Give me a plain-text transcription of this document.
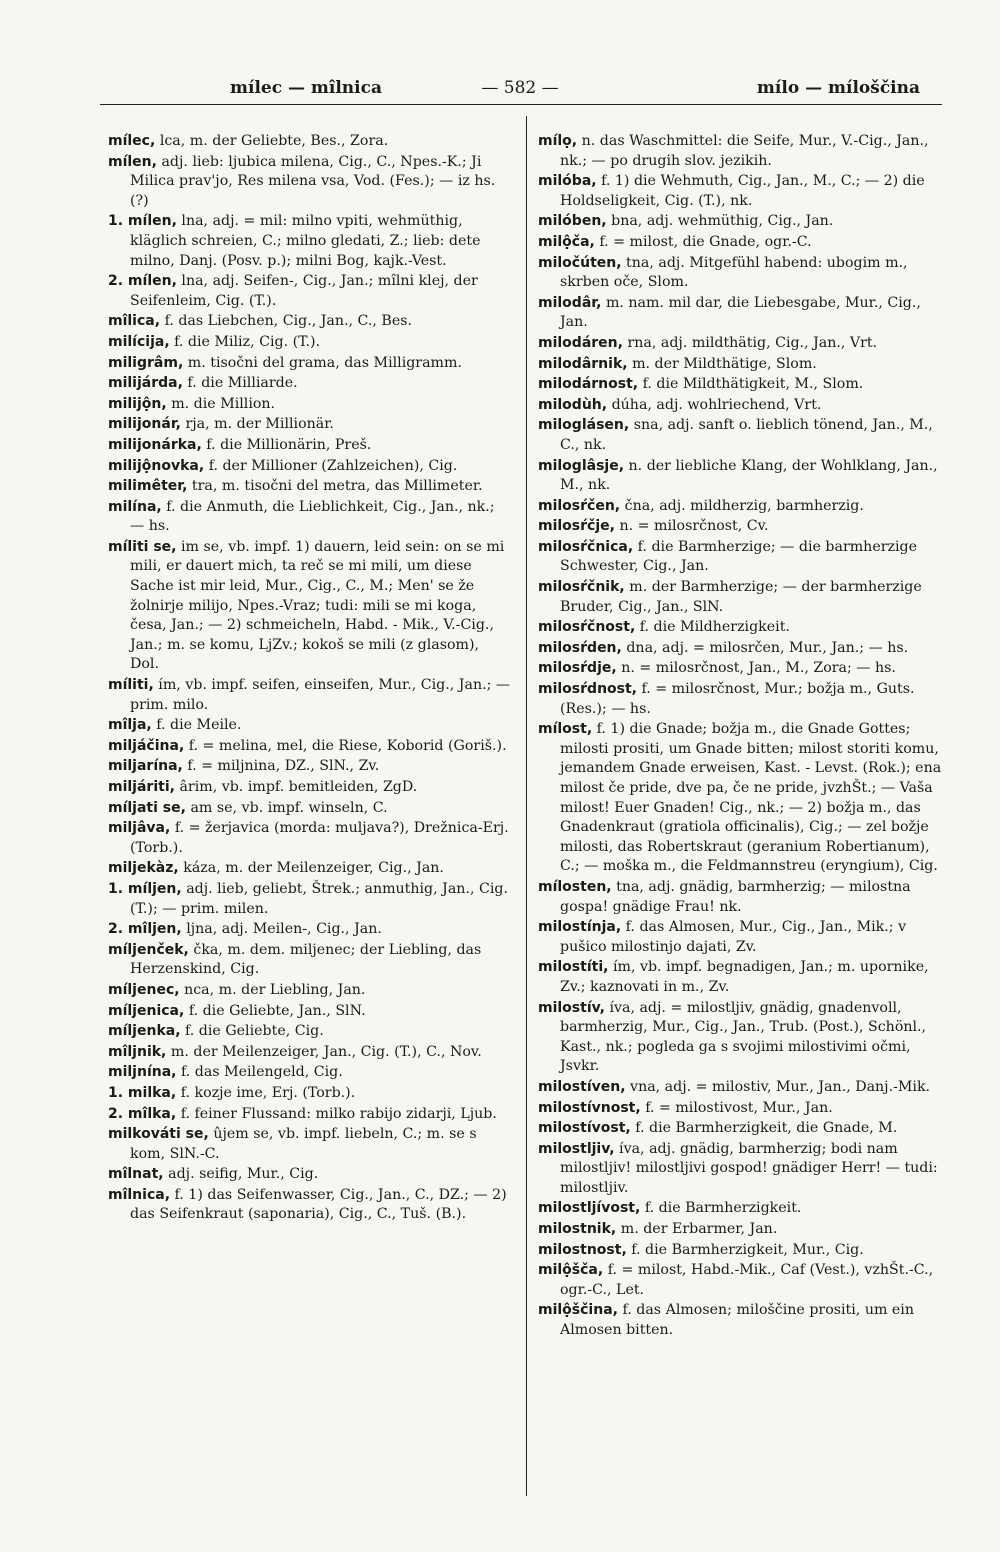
mílec — mîlnica	— 582 —	mílo — míloščina
mílec, lca, m. der Geliebte, Bes., Zora.
mílen, adj. lieb: ljubica milena, Cig., C., Npes.-K.; Ji Milica prav'jo, Res milena vsa, Vod. (Fes.); — iz hs. (?)
1. mílen, lna, adj. = mil: milno vpiti, wehmüthig, kläglich schreien, C.; milno gledati, Z.; lieb: dete milno, Danj. (Posv. p.); milni Bog, kajk.-Vest.
2. mílen, lna, adj. Seifen-, Cig., Jan.; mîlni klej, der Seifenleim, Cig. (T.).
mîlica, f. das Liebchen, Cig., Jan., C., Bes.
milícija, f. die Miliz, Cig. (T.).
miligrâm, m. tisočni del grama, das Milligramm.
milijárda, f. die Milliarde.
milijộn, m. die Million.
milijonár, rja, m. der Millionär.
milijonárka, f. die Millionärin, Preš.
milijộnovka, f. der Millioner (Zahlzeichen), Cig.
milimêter, tra, m. tisočni del metra, das Millimeter.
milína, f. die Anmuth, die Lieblichkeit, Cig., Jan., nk.; — hs.
míliti se, im se, vb. impf. 1) dauern, leid sein: on se mi mili, er dauert mich, ta reč se mi mili, um diese Sache ist mir leid, Mur., Cig., C., M.; Men' se že žolnirje milijo, Npes.-Vraz; tudi: mili se mi koga, česa, Jan.; — 2) schmeicheln, Habd. - Mik., V.-Cig., Jan.; m. se komu, LjZv.; kokoš se mili (z glasom), Dol.
míliti, ím, vb. impf. seifen, einseifen, Mur., Cig., Jan.; — prim. milo.
mîlja, f. die Meile.
miljáčina, f. = melina, mel, die Riese, Koborid (Goriš.).
miljarína, f. = miljnina, DZ., SlN., Zv.
miljáriti, ârim, vb. impf. bemitleiden, ZgD.
míljati se, am se, vb. impf. winseln, C.
miljâva, f. = žerjavica (morda: muljava?), Drežnica-Erj. (Torb.).
miljekàz, káza, m. der Meilenzeiger, Cig., Jan.
1. míljen, adj. lieb, geliebt, Štrek.; anmuthig, Jan., Cig. (T.); — prim. milen.
2. mîljen, ljna, adj. Meilen-, Cig., Jan.
míljenček, čka, m. dem. miljenec; der Liebling, das Herzenskind, Cig.
míljenec, nca, m. der Liebling, Jan.
míljenica, f. die Geliebte, Jan., SlN.
míljenka, f. die Geliebte, Cig.
mîljnik, m. der Meilenzeiger, Jan., Cig. (T.), C., Nov.
miljnína, f. das Meilengeld, Cig.
1. milka, f. kozje ime, Erj. (Torb.).
2. mîlka, f. feiner Flussand: milko rabijo zidarji, Ljub.
milkováti se, ûjem se, vb. impf. liebeln, C.; m. se s kom, SlN.-C.
mîlnat, adj. seifig, Mur., Cig.
mîlnica, f. 1) das Seifenwasser, Cig., Jan., C., DZ.; — 2) das Seifenkraut (saponaria), Cig., C., Tuš. (B.).
mílọ, n. das Waschmittel: die Seife, Mur., V.-Cig., Jan., nk.; — po drugih slov. jezikih.
milóba, f. 1) die Wehmuth, Cig., Jan., M., C.; — 2) die Holdseligkeit, Cig. (T.), nk.
milóben, bna, adj. wehmüthig, Cig., Jan.
milộča, f. = milost, die Gnade, ogr.-C.
miločúten, tna, adj. Mitgefühl habend: ubogim m., skrben oče, Slom.
milodâr, m. nam. mil dar, die Liebesgabe, Mur., Cig., Jan.
milodáren, rna, adj. mildthätig, Cig., Jan., Vrt.
milodârnik, m. der Mildthätige, Slom.
milodárnost, f. die Mildthätigkeit, M., Slom.
milodùh, dúha, adj. wohlriechend, Vrt.
miloglásen, sna, adj. sanft o. lieblich tönend, Jan., M., C., nk.
miloglâsje, n. der liebliche Klang, der Wohlklang, Jan., M., nk.
milosŕčen, čna, adj. mildherzig, barmherzig.
milosŕčje, n. = milosrčnost, Cv.
milosŕčnica, f. die Barmherzige; — die barmherzige Schwester, Cig., Jan.
milosŕčnik, m. der Barmherzige; — der barmherzige Bruder, Cig., Jan., SlN.
milosŕčnost, f. die Mildherzigkeit.
milosŕden, dna, adj. = milosrčen, Mur., Jan.; — hs.
milosŕdje, n. = milosrčnost, Jan., M., Zora; — hs.
milosŕdnost, f. = milosrčnost, Mur.; božja m., Guts. (Res.); — hs.
mílost, f. 1) die Gnade; božja m., die Gnade Gottes; milosti prositi, um Gnade bitten; milost storiti komu, jemandem Gnade erweisen, Kast. - Levst. (Rok.); ena milost če pride, dve pa, če ne pride, jvzhŠt.; — Vaša milost! Euer Gnaden! Cig., nk.; — 2) božja m., das Gnadenkraut (gratiola officinalis), Cig.; — zel božje milosti, das Robertskraut (geranium Robertianum), C.; — moška m., die Feldmannstreu (eryngium), Cig.
mílosten, tna, adj. gnädig, barmherzig; — milostna gospa! gnädige Frau! nk.
milostínja, f. das Almosen, Mur., Cig., Jan., Mik.; v pušico milostinjo dajati, Zv.
milostíti, ím, vb. impf. begnadigen, Jan.; m. upornike, Zv.; kaznovati in m., Zv.
milostív, íva, adj. = milostljiv, gnädig, gnadenvoll, barmherzig, Mur., Cig., Jan., Trub. (Post.), Schönl., Kast., nk.; pogleda ga s svojimi milostivimi očmi, Jsvkr.
milostíven, vna, adj. = milostiv, Mur., Jan., Danj.-Mik.
milostívnost, f. = milostivost, Mur., Jan.
milostívost, f. die Barmherzigkeit, die Gnade, M.
milostljiv, íva, adj. gnädig, barmherzig; bodi nam milostljiv! milostljivi gospod! gnädiger Herr! — tudi: milostljiv.
milostljívost, f. die Barmherzigkeit.
milostnik, m. der Erbarmer, Jan.
milostnost, f. die Barmherzigkeit, Mur., Cig.
milộšča, f. = milost, Habd.-Mik., Caf (Vest.), vzhŠt.-C., ogr.-C., Let.
milộščina, f. das Almosen; miloščine prositi, um ein Almosen bitten.
